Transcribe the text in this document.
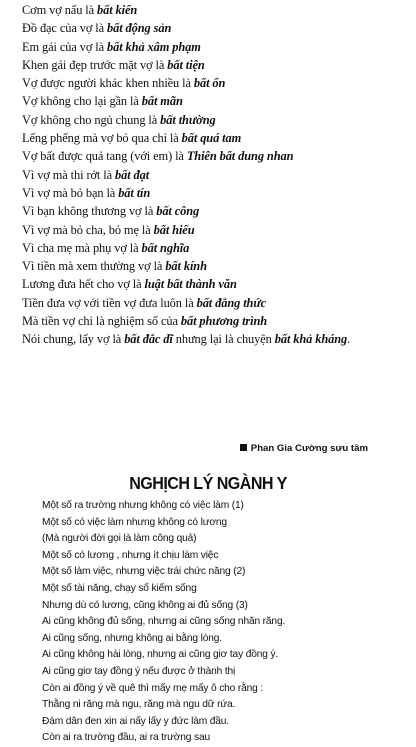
Cơm vợ nấu là bất kiến
Đồ đạc của vợ là bất động sản
Em gái của vợ là bất khả xâm phạm
Khen gái đẹp trước mặt vợ là bất tiện
Vợ được người khác khen nhiều là bất ổn
Vợ không cho lại gần là bất mãn
Vợ không cho ngủ chung là bất thường
Lếng phếng mà vợ bỏ qua chỉ là bất quá tam
Vợ bất được quả tang (với em) là Thiên bất dung nhan
Vì vợ mà thi rớt là bất đạt
Vì vợ mà bỏ bạn là bất tín
Vì bạn không thương vợ là bất công
Vì vợ mà bỏ cha, bỏ mẹ là bất hiếu
Vì cha mẹ mà phụ vợ là bất nghĩa
Vì tiền mà xem thường vợ là bất kính
Lương đưa hết cho vợ là luật bất thành văn
Tiền đưa vợ với tiền vợ đưa luôn là bất đẳng thức
Mà tiền vợ chi là nghiệm số của bất phương trình
Nói chung, lấy vợ là bất đắc dĩ nhưng lại là chuyện bất khả kháng.
Phan Gia Cường sưu tầm
NGHỊCH LÝ NGÀNH Y
Một số ra trường nhưng không có việc làm (1)
Một số có việc làm nhưng không có lương
(Mà người đời gọi là làm công quả)
Một số có lương , nhưng ít chịu làm việc
Một số làm việc, nhưng việc trái chức năng (2)
Một số tài năng, chạy số kiếm sống
Nhưng dù có lương, cũng không ai đủ sống (3)
Ai cũng không đủ sống, nhưng ai cũng sống nhăn răng.
Ai cũng sống, nhưng không ai bằng lòng.
Ai cũng không hài lòng, nhưng ai cũng giơ tay đồng ý.
Ai cũng giơ tay đồng ý nếu được ở thành thị
Còn ai đồng ý về quê thì mấy mẹ mấy ô cho rằng :
Thằng ni răng mà ngu, răng mà ngu dữ rứa.
Đám dân đen xin ai nấy lấy y đức làm đầu.
Còn ai ra trường đầu, ai ra trường sau
